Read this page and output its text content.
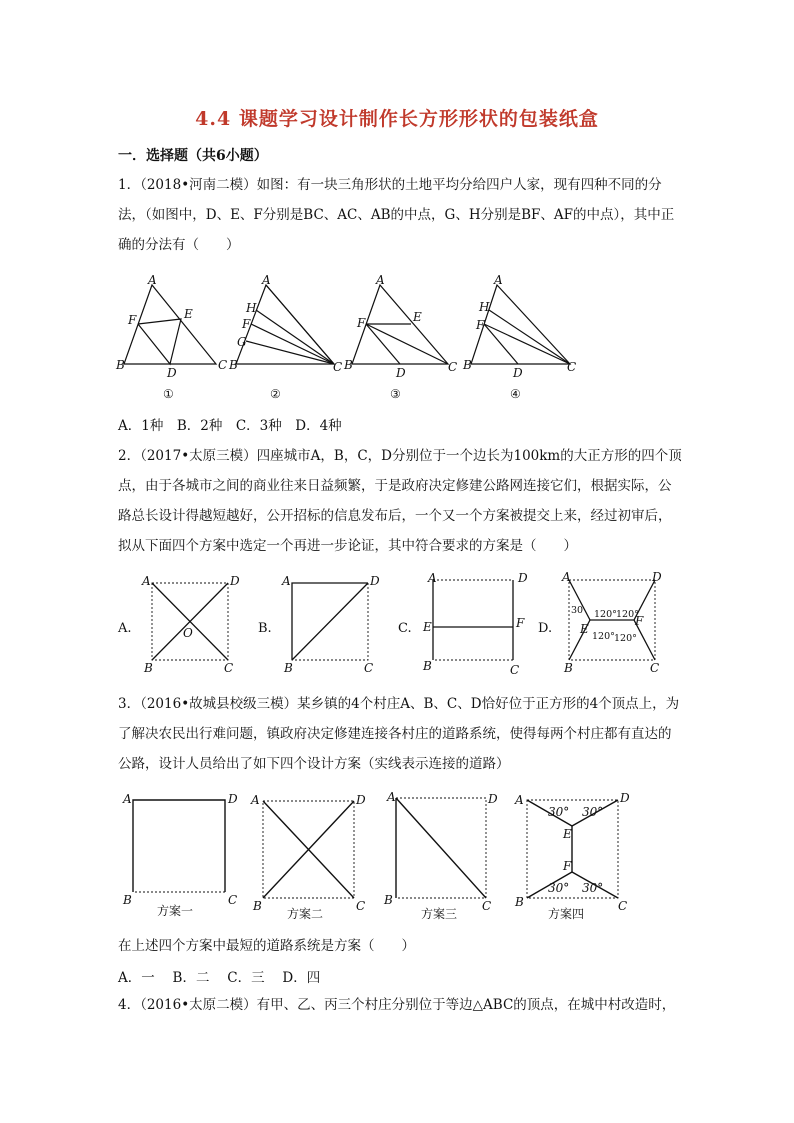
4.4 课题学习设计制作长方形形状的包装纸盒
一．选择题（共6小题）
1．（2018•河南二模）如图：有一块三角形状的土地平均分给四户人家，现有四种不同的分法，（如图中，D、E、F分别是BC、AC、AB的中点，G、H分别是BF、AF的中点），其中正确的分法有（　　）
A
B	C
D
E
F
A
H
F
G
B	C
A
F	E
B	C
D
A
H
F
B	C
D
①	②	③	④
A．1种　B．2种　C．3种　D．4种
2．（2017•太原三模）四座城市A，B，C，D分别位于一个边长为100km的大正方形的四个顶点，由于各城市之间的商业往来日益频繁，于是政府决定修建公路网连接它们，根据实际，公路总长设计得越短越好，公开招标的信息发布后，一个又一个方案被提交上来，经过初审后，拟从下面四个方案中选定一个再进一步论证，其中符合要求的方案是（　　）
A	D
B	C
O
A	D
B	C
A
B	C
D
E	F
A	D
B	C
E
F
30 120° 120°
120° 120°
A.	B.	C.	D.
3．（2016•故城县校级三模）某乡镇的4个村庄A、B、C、D恰好位于正方形的4个顶点上，为了解决农民出行难问题，镇政府决定修建连接各村庄的道路系统，使得每两个村庄都有直达的公路，设计人员给出了如下四个设计方案（实线表示连接的道路）
A	D
B	C
A	D
B	C
A	D
B	C
A	D
B	C
E
F
30° 30°
30° 30°
方案一	方案二	方案三	方案四
在上述四个方案中最短的道路系统是方案（　　）
A．一　 B．二　 C．三　 D．四
4．（2016•太原二模）有甲、乙、丙三个村庄分别位于等边△ABC的顶点，在城中村改造时，
